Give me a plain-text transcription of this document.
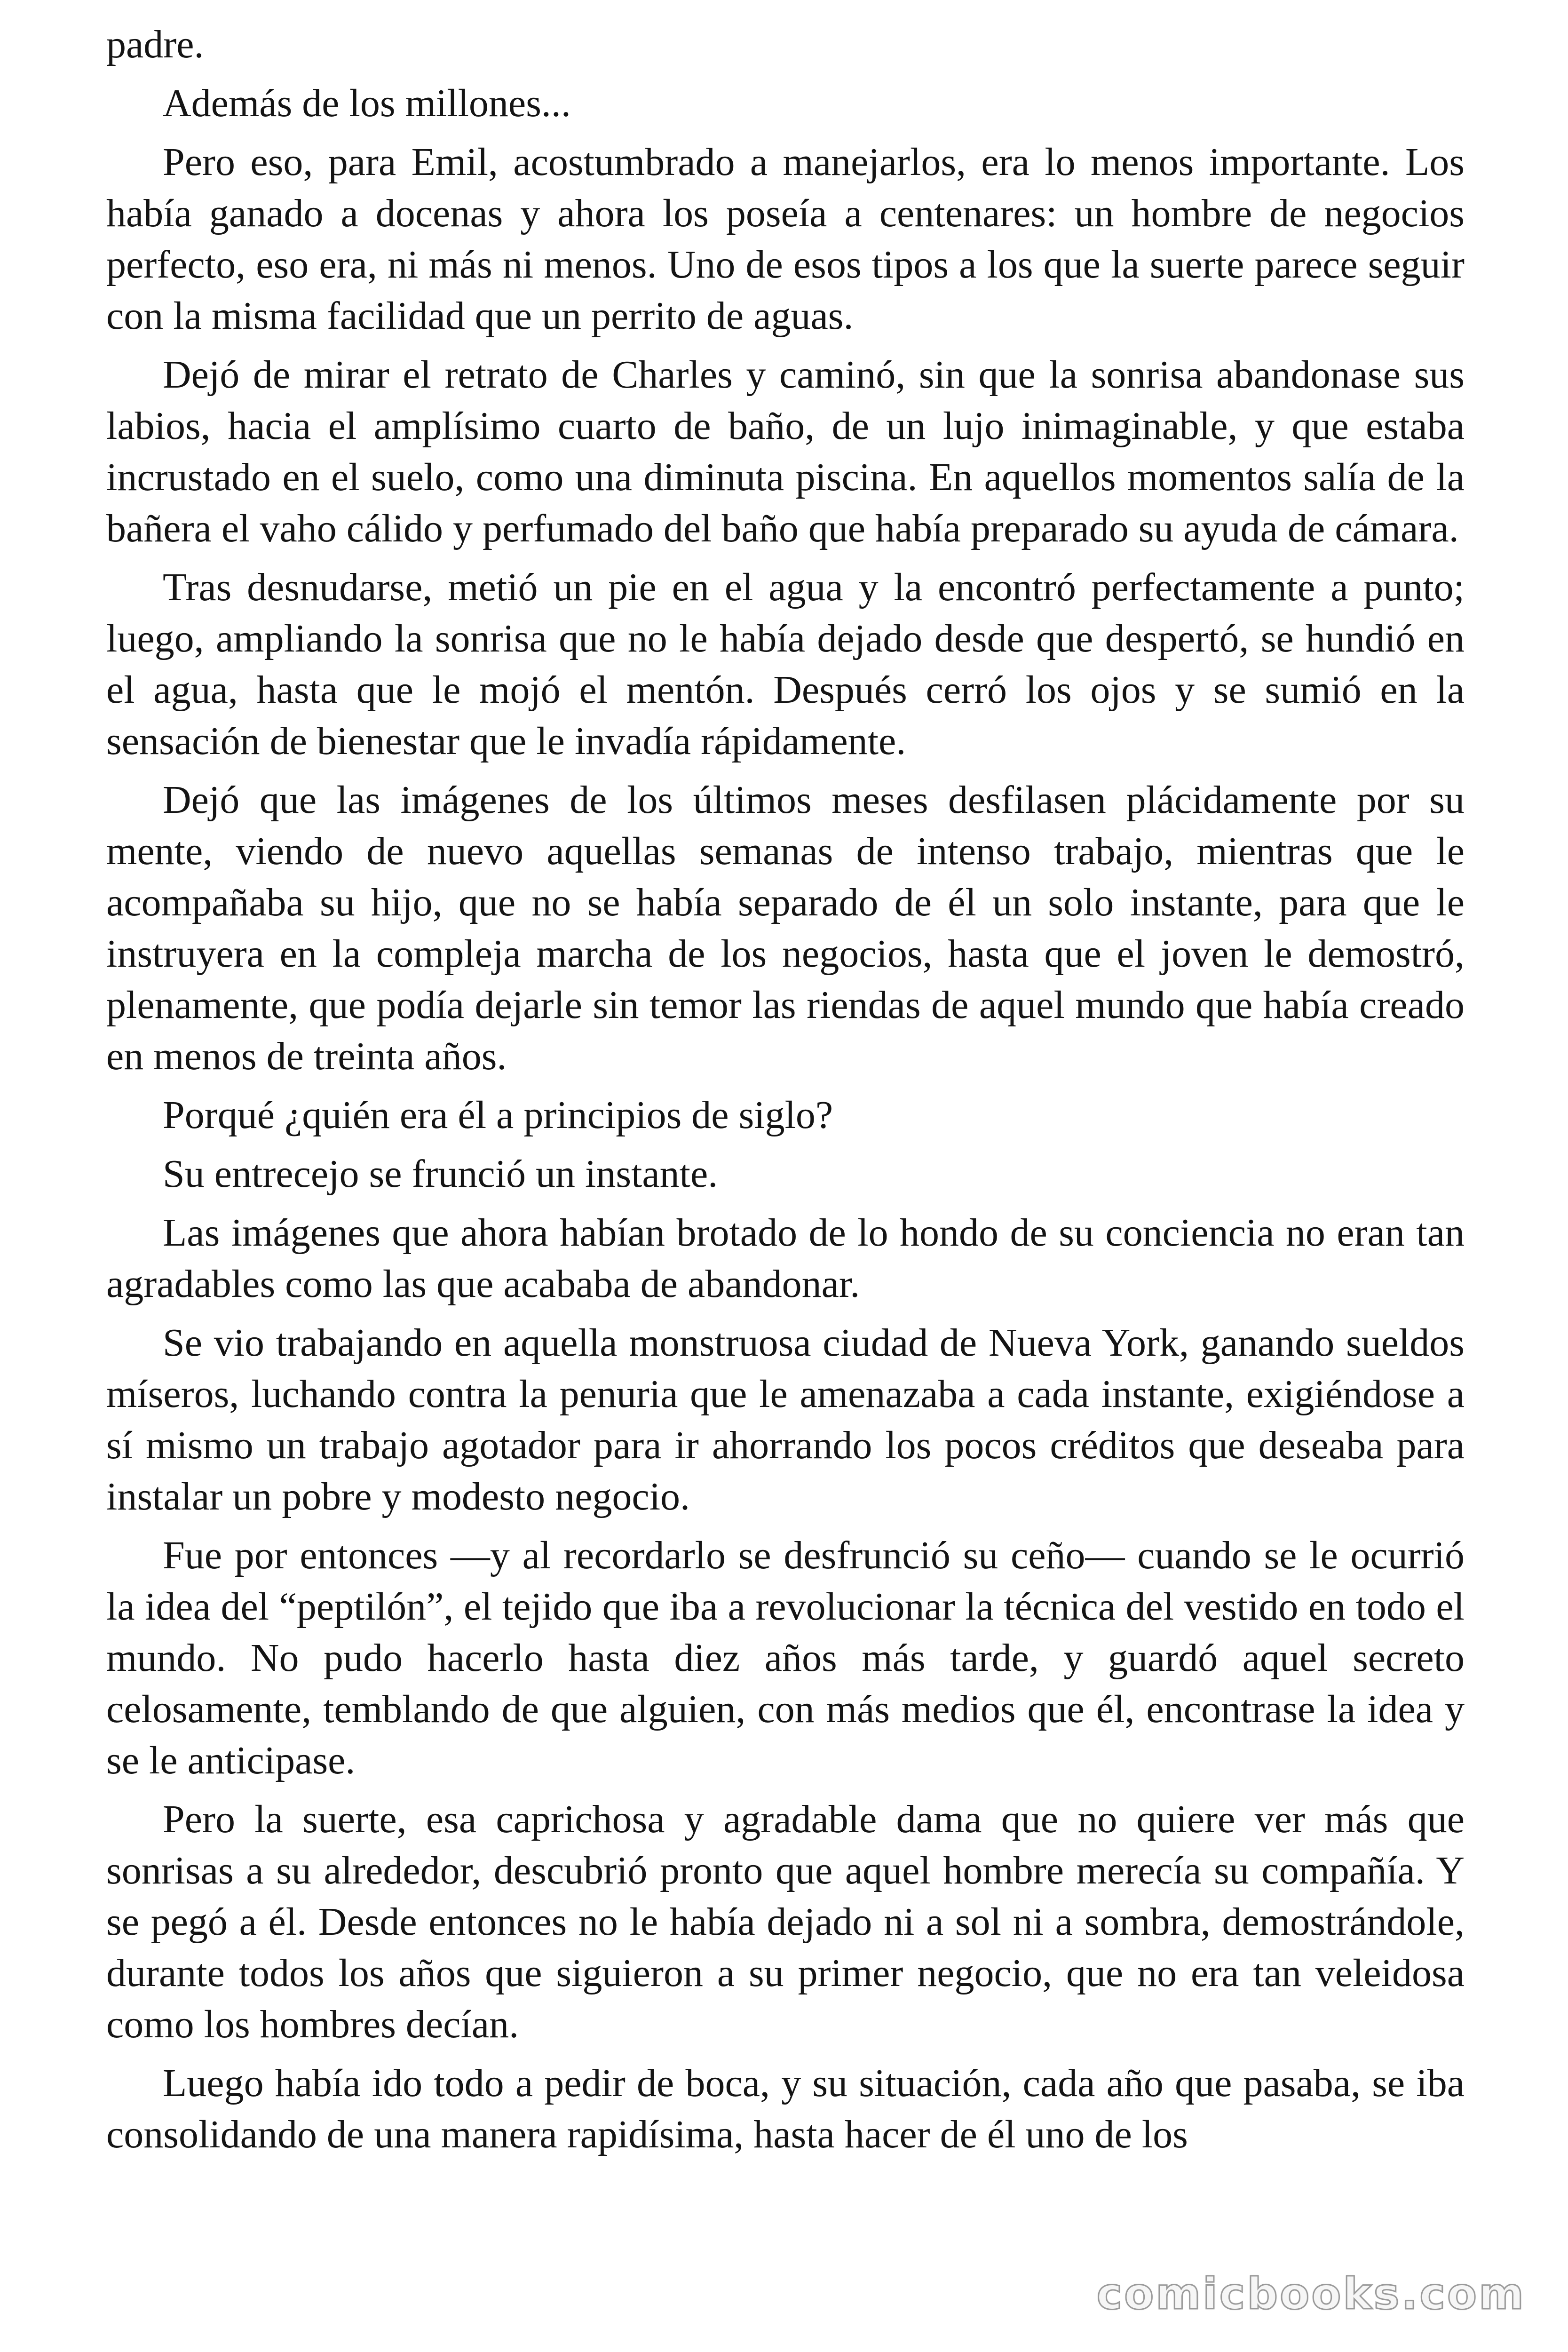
padre.

Además de los millones...

Pero eso, para Emil, acostumbrado a manejarlos, era lo menos importante. Los había ganado a docenas y ahora los poseía a centenares: un hombre de negocios perfecto, eso era, ni más ni menos. Uno de esos tipos a los que la suerte parece seguir con la misma facilidad que un perrito de aguas.

Dejó de mirar el retrato de Charles y caminó, sin que la sonrisa abandonase sus labios, hacia el amplísimo cuarto de baño, de un lujo inimaginable, y que estaba incrustado en el suelo, como una diminuta piscina. En aquellos momentos salía de la bañera el vaho cálido y perfumado del baño que había preparado su ayuda de cámara.

Tras desnudarse, metió un pie en el agua y la encontró perfectamente a punto; luego, ampliando la sonrisa que no le había dejado desde que despertó, se hundió en el agua, hasta que le mojó el mentón. Después cerró los ojos y se sumió en la sensación de bienestar que le invadía rápidamente.

Dejó que las imágenes de los últimos meses desfilasen plácidamente por su mente, viendo de nuevo aquellas semanas de intenso trabajo, mientras que le acompañaba su hijo, que no se había separado de él un solo instante, para que le instruyera en la compleja marcha de los negocios, hasta que el joven le demostró, plenamente, que podía dejarle sin temor las riendas de aquel mundo que había creado en menos de treinta años.

Porqué ¿quién era él a principios de siglo?

Su entrecejo se frunció un instante.

Las imágenes que ahora habían brotado de lo hondo de su conciencia no eran tan agradables como las que acababa de abandonar.

Se vio trabajando en aquella monstruosa ciudad de Nueva York, ganando sueldos míseros, luchando contra la penuria que le amenazaba a cada instante, exigiéndose a sí mismo un trabajo agotador para ir ahorrando los pocos créditos que deseaba para instalar un pobre y modesto negocio.

Fue por entonces —y al recordarlo se desfrunció su ceño— cuando se le ocurrió la idea del “peptilón”, el tejido que iba a revolucionar la técnica del vestido en todo el mundo. No pudo hacerlo hasta diez años más tarde, y guardó aquel secreto celosamente, temblando de que alguien, con más medios que él, encontrase la idea y se le anticipase.

Pero la suerte, esa caprichosa y agradable dama que no quiere ver más que sonrisas a su alrededor, descubrió pronto que aquel hombre merecía su compañía. Y se pegó a él. Desde entonces no le había dejado ni a sol ni a sombra, demostrándole, durante todos los años que siguieron a su primer negocio, que no era tan veleidosa como los hombres decían.

Luego había ido todo a pedir de boca, y su situación, cada año que pasaba, se iba consolidando de una manera rapidísima, hasta hacer de él uno de los

comicbooks.com
